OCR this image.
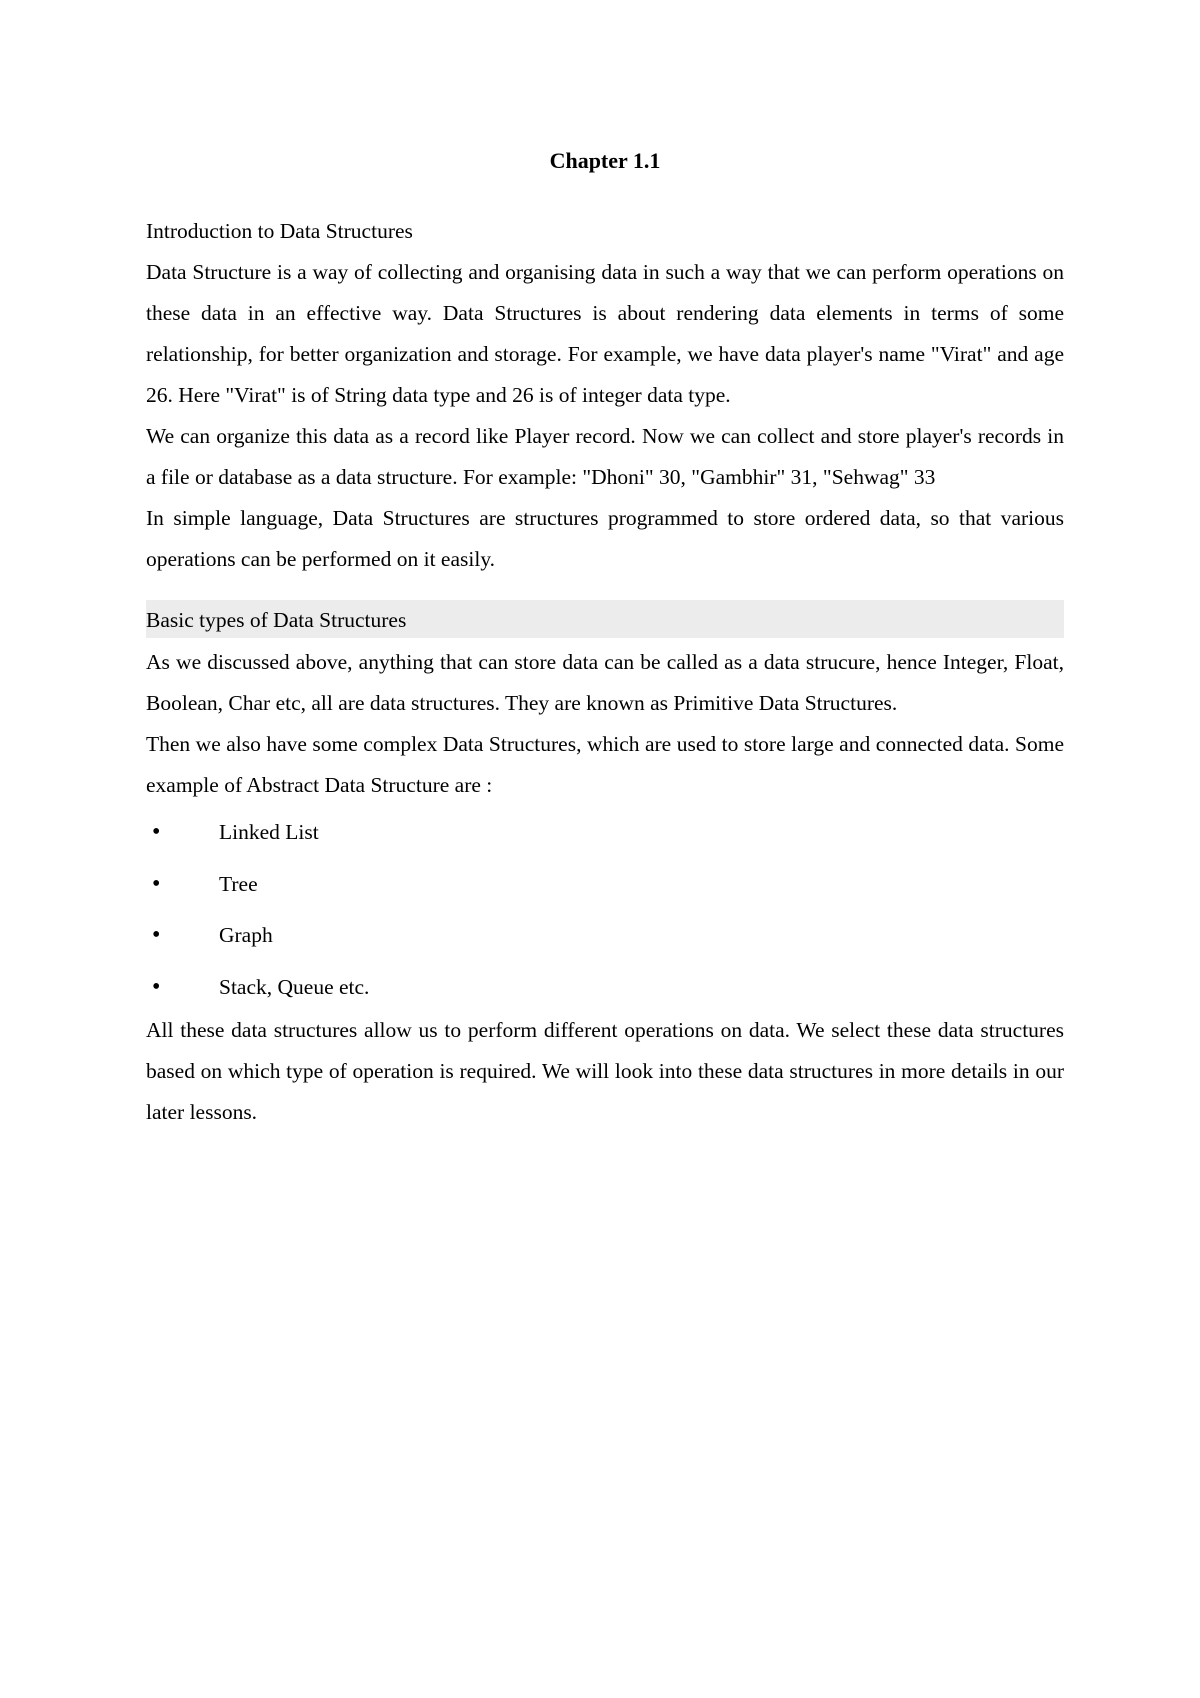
Chapter 1.1
Introduction to Data Structures

Data Structure is a way of collecting and organising data in such a way that we can perform operations on these data in an effective way. Data Structures is about rendering data elements in terms of some relationship, for better organization and storage. For example, we have data player's name "Virat" and age 26. Here "Virat" is of String data type and 26 is of integer data type.

We can organize this data as a record like Player record. Now we can collect and store player's records in a file or database as a data structure. For example: "Dhoni" 30, "Gambhir" 31, "Sehwag" 33

In simple language, Data Structures are structures programmed to store ordered data, so that various operations can be performed on it easily.

Basic types of Data Structures

As we discussed above, anything that can store data can be called as a data strucure, hence Integer, Float, Boolean, Char etc, all are data structures. They are known as Primitive Data Structures.

Then we also have some complex Data Structures, which are used to store large and connected data. Some example of Abstract Data Structure are :

•	Linked List
•	Tree
•	Graph
•	Stack, Queue etc.

All these data structures allow us to perform different operations on data. We select these data structures based on which type of operation is required. We will look into these data structures in more details in our later lessons.
